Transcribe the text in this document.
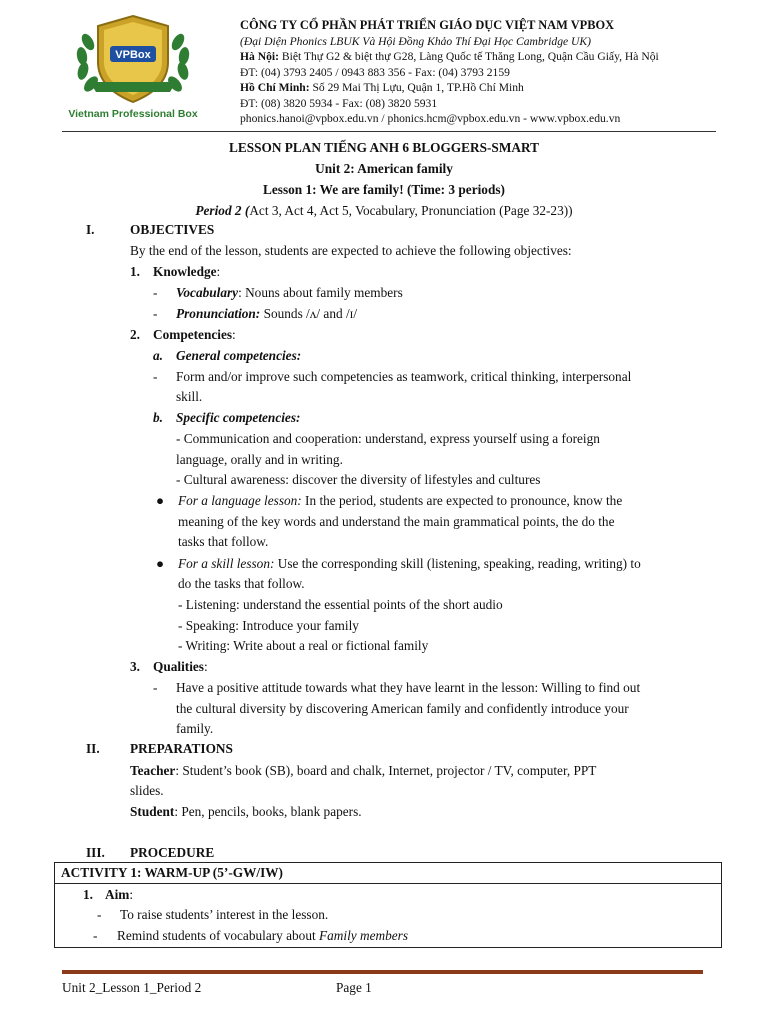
VPBox
Vietnam Professional Box
CÔNG TY CỔ PHẦN PHÁT TRIỂN GIÁO DỤC VIỆT NAM VPBOX
(Đại Diện Phonics LBUK Và Hội Đồng Khảo Thí Đại Học Cambridge UK)
Hà Nội: Biệt Thự G2 & biệt thự G28, Làng Quốc tế Thăng Long, Quận Cầu Giấy, Hà Nội
ĐT: (04) 3793 2405 / 0943 883 356 - Fax: (04) 3793 2159
Hồ Chí Minh: Số 29 Mai Thị Lựu, Quận 1, TP.Hồ Chí Minh
ĐT: (08) 3820 5934 - Fax: (08) 3820 5931
phonics.hanoi@vpbox.edu.vn / phonics.hcm@vpbox.edu.vn - www.vpbox.edu.vn
LESSON PLAN TIẾNG ANH 6 BLOGGERS-SMART
Unit 2: American family
Lesson 1: We are family! (Time: 3 periods)
Period 2 (Act 3, Act 4, Act 5, Vocabulary, Pronunciation (Page 32-23))
I.	OBJECTIVES
By the end of the lesson, students are expected to achieve the following objectives:
1. Knowledge:
- Vocabulary: Nouns about family members
- Pronunciation: Sounds /ʌ/ and /ɪ/
2. Competencies:
a. General competencies:
- Form and/or improve such competencies as teamwork, critical thinking, interpersonal
skill.
b. Specific competencies:
- Communication and cooperation: understand, express yourself using a foreign
language, orally and in writing.
- Cultural awareness: discover the diversity of lifestyles and cultures
● For a language lesson: In the period, students are expected to pronounce, know the
meaning of the key words and understand the main grammatical points, the do the
tasks that follow.
● For a skill lesson: Use the corresponding skill (listening, speaking, reading, writing) to
do the tasks that follow.
- Listening: understand the essential points of the short audio
- Speaking: Introduce your family
- Writing: Write about a real or fictional family
3. Qualities:
- Have a positive attitude towards what they have learnt in the lesson: Willing to find out
the cultural diversity by discovering American family and confidently introduce your
family.
II. PREPARATIONS
Teacher: Student’s book (SB), board and chalk, Internet, projector / TV, computer, PPT
slides.
Student: Pen, pencils, books, blank papers.
III. PROCEDURE
ACTIVITY 1: WARM-UP (5’-GW/IW)
1. Aim:
- To raise students’ interest in the lesson.
- Remind students of vocabulary about Family members
Unit 2_Lesson 1_Period 2	Page 1
